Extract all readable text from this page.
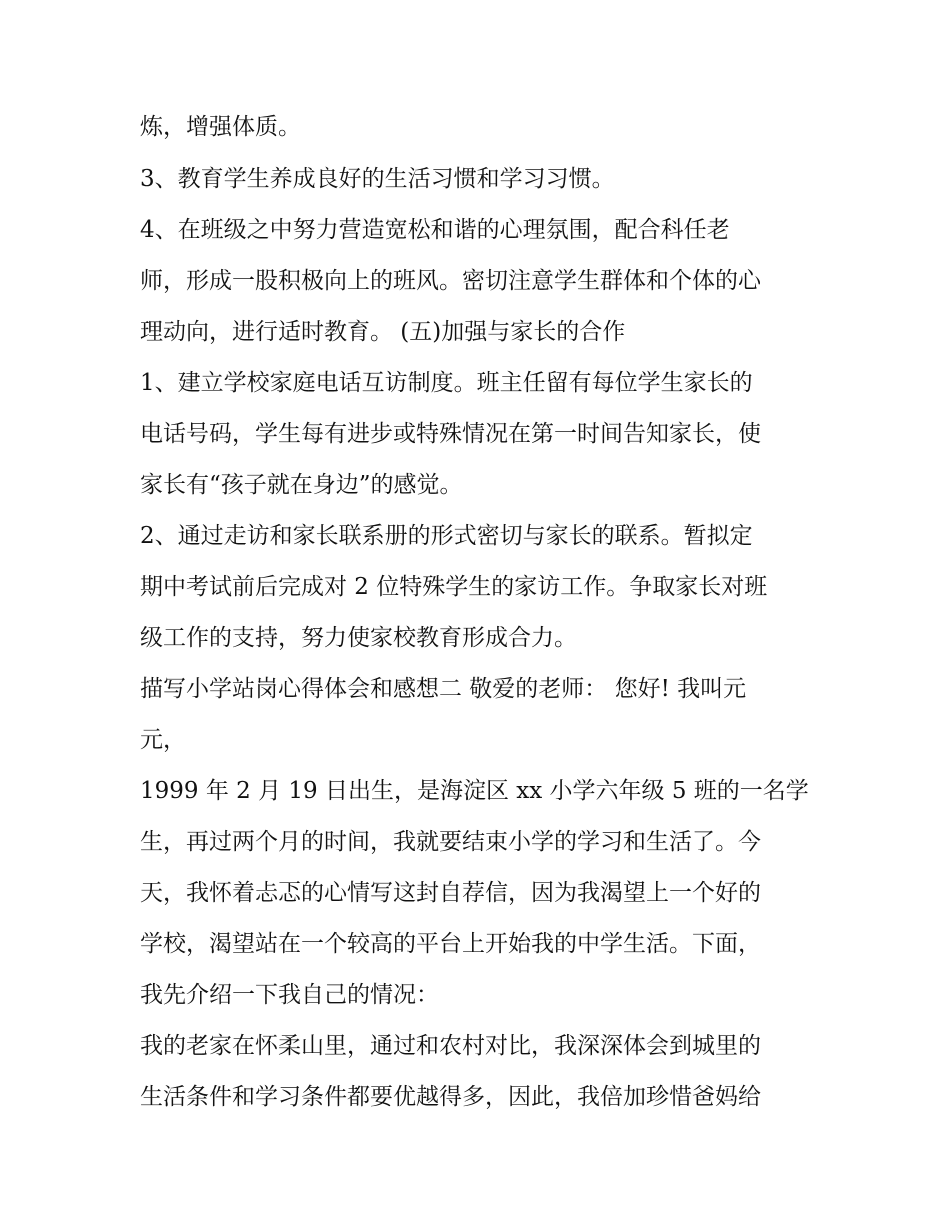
炼，增强体质。
3、教育学生养成良好的生活习惯和学习习惯。
4、在班级之中努力营造宽松和谐的心理氛围，配合科任老
师，形成一股积极向上的班风。密切注意学生群体和个体的心
理动向，进行适时教育。 (五)加强与家长的合作
1、建立学校家庭电话互访制度。班主任留有每位学生家长的
电话号码，学生每有进步或特殊情况在第一时间告知家长，使
家长有“孩子就在身边”的感觉。
2、通过走访和家长联系册的形式密切与家长的联系。暂拟定
期中考试前后完成对 2 位特殊学生的家访工作。争取家长对班
级工作的支持，努力使家校教育形成合力。
描写小学站岗心得体会和感想二 敬爱的老师： 您好! 我叫元
元，
1999 年 2 月 19 日出生，是海淀区 xx 小学六年级 5 班的一名学
生，再过两个月的时间，我就要结束小学的学习和生活了。今
天，我怀着忐忑的心情写这封自荐信，因为我渴望上一个好的
学校，渴望站在一个较高的平台上开始我的中学生活。下面，
我先介绍一下我自己的情况：
我的老家在怀柔山里，通过和农村对比，我深深体会到城里的
生活条件和学习条件都要优越得多，因此，我倍加珍惜爸妈给
